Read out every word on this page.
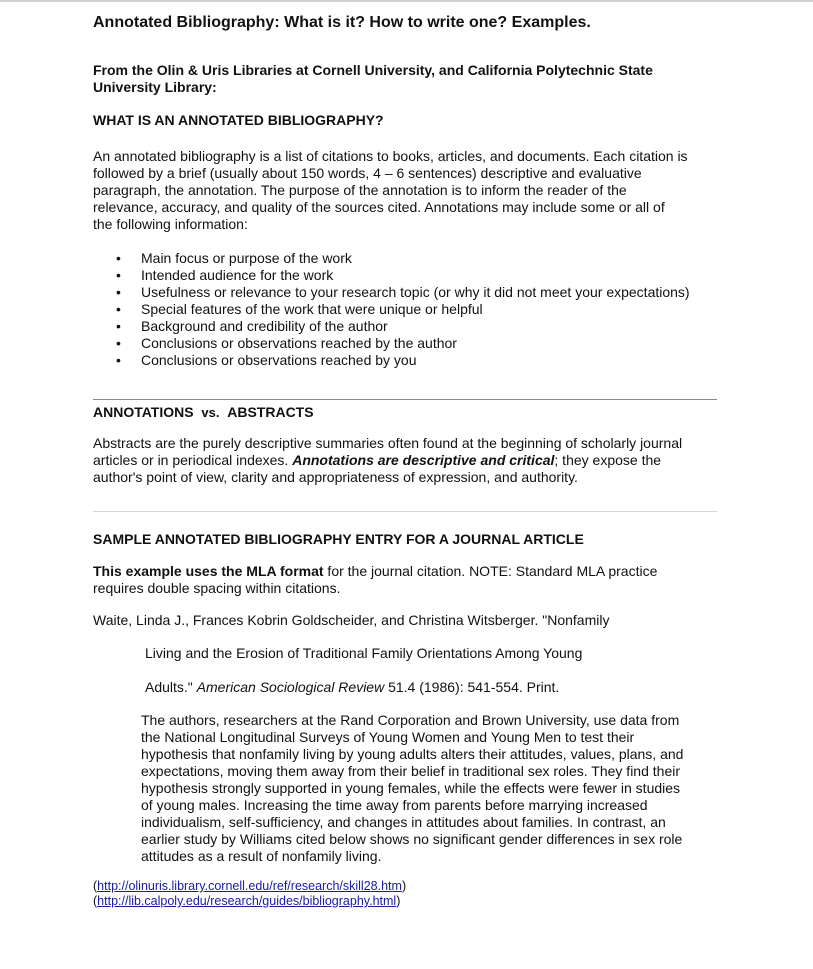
Annotated Bibliography: What is it? How to write one? Examples.
From the Olin & Uris Libraries at Cornell University, and California Polytechnic State
University Library:
WHAT IS AN ANNOTATED BIBLIOGRAPHY?
An annotated bibliography is a list of citations to books, articles, and documents. Each citation is
followed by a brief (usually about 150 words, 4 – 6 sentences) descriptive and evaluative
paragraph, the annotation. The purpose of the annotation is to inform the reader of the
relevance, accuracy, and quality of the sources cited. Annotations may include some or all of
the following information:
• Main focus or purpose of the work
• Intended audience for the work
• Usefulness or relevance to your research topic (or why it did not meet your expectations)
• Special features of the work that were unique or helpful
• Background and credibility of the author
• Conclusions or observations reached by the author
• Conclusions or observations reached by you
ANNOTATIONS vs. ABSTRACTS
Abstracts are the purely descriptive summaries often found at the beginning of scholarly journal
articles or in periodical indexes. Annotations are descriptive and critical; they expose the
author's point of view, clarity and appropriateness of expression, and authority.
SAMPLE ANNOTATED BIBLIOGRAPHY ENTRY FOR A JOURNAL ARTICLE
This example uses the MLA format for the journal citation. NOTE: Standard MLA practice
requires double spacing within citations.
Waite, Linda J., Frances Kobrin Goldscheider, and Christina Witsberger. "Nonfamily
Living and the Erosion of Traditional Family Orientations Among Young
Adults." American Sociological Review 51.4 (1986): 541-554. Print.
The authors, researchers at the Rand Corporation and Brown University, use data from
the National Longitudinal Surveys of Young Women and Young Men to test their
hypothesis that nonfamily living by young adults alters their attitudes, values, plans, and
expectations, moving them away from their belief in traditional sex roles. They find their
hypothesis strongly supported in young females, while the effects were fewer in studies
of young males. Increasing the time away from parents before marrying increased
individualism, self-sufficiency, and changes in attitudes about families. In contrast, an
earlier study by Williams cited below shows no significant gender differences in sex role
attitudes as a result of nonfamily living.
(http://olinuris.library.cornell.edu/ref/research/skill28.htm)
(http://lib.calpoly.edu/research/guides/bibliography.html)
